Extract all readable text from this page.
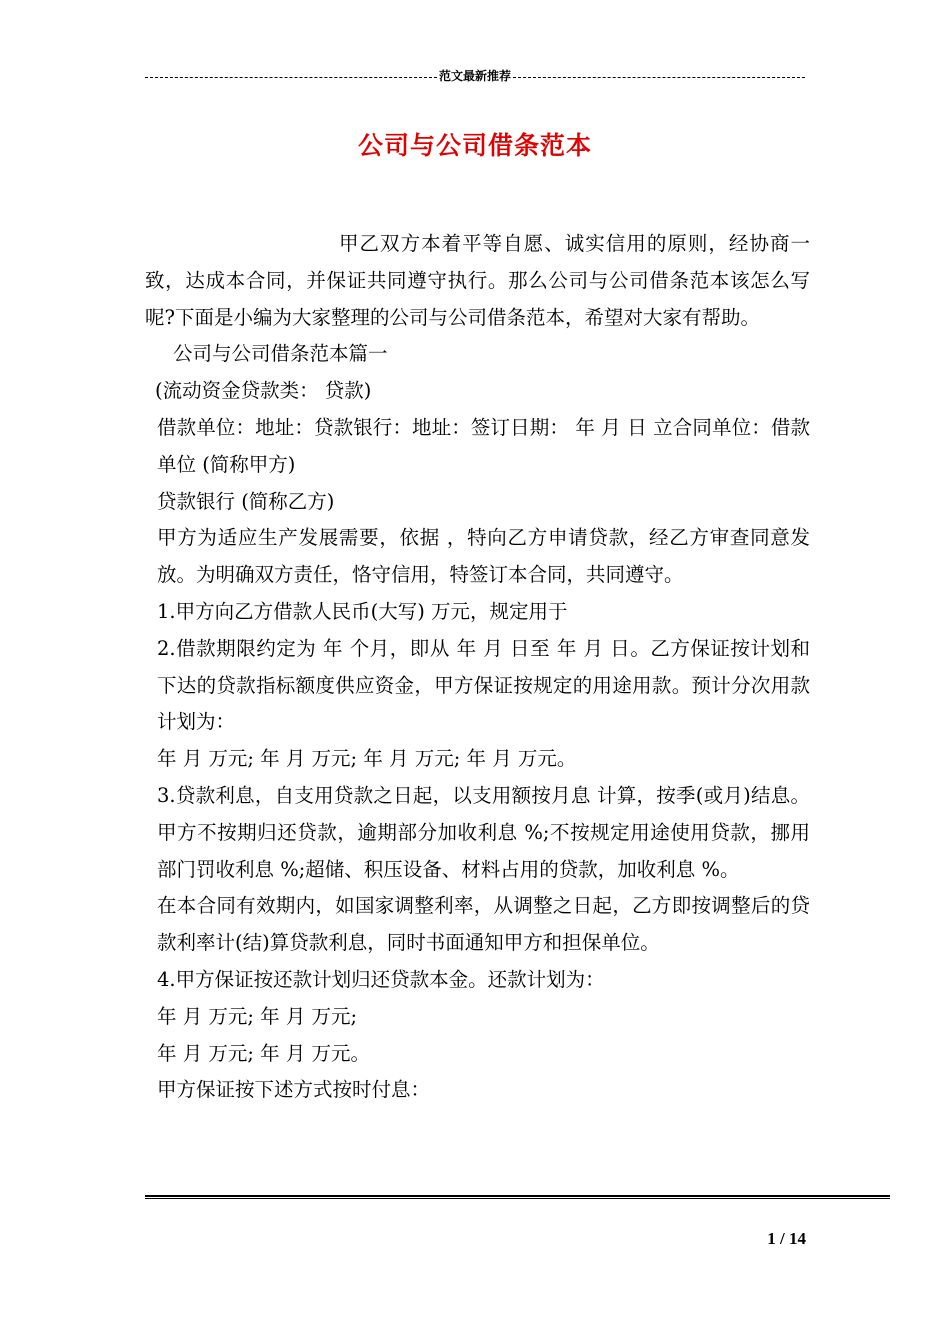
范文最新推荐
公司与公司借条范本

甲乙双方本着平等自愿、诚实信用的原则，经协商一致，达成本合同，并保证共同遵守执行。那么公司与公司借条范本该怎么写呢?下面是小编为大家整理的公司与公司借条范本，希望对大家有帮助。

公司与公司借条范本篇一

(流动资金贷款类： 贷款)

借款单位：地址：贷款银行：地址：签订日期： 年 月 日 立合同单位：借款单位 (简称甲方)

贷款银行 (简称乙方)

甲方为适应生产发展需要，依据 ，特向乙方申请贷款，经乙方审查同意发放。为明确双方责任，恪守信用，特签订本合同，共同遵守。

1.甲方向乙方借款人民币(大写) 万元，规定用于

2.借款期限约定为 年 个月，即从 年 月 日至 年 月 日。乙方保证按计划和下达的贷款指标额度供应资金，甲方保证按规定的用途用款。预计分次用款计划为：

年 月 万元; 年 月 万元; 年 月 万元; 年 月 万元。

3.贷款利息，自支用贷款之日起，以支用额按月息 计算，按季(或月)结息。甲方不按期归还贷款，逾期部分加收利息 %;不按规定用途使用贷款，挪用部门罚收利息 %;超储、积压设备、材料占用的贷款，加收利息 %。

在本合同有效期内，如国家调整利率，从调整之日起，乙方即按调整后的贷款利率计(结)算贷款利息，同时书面通知甲方和担保单位。

4.甲方保证按还款计划归还贷款本金。还款计划为：

年 月 万元; 年 月 万元;

年 月 万元; 年 月 万元。

甲方保证按下述方式按时付息：

1 / 14
